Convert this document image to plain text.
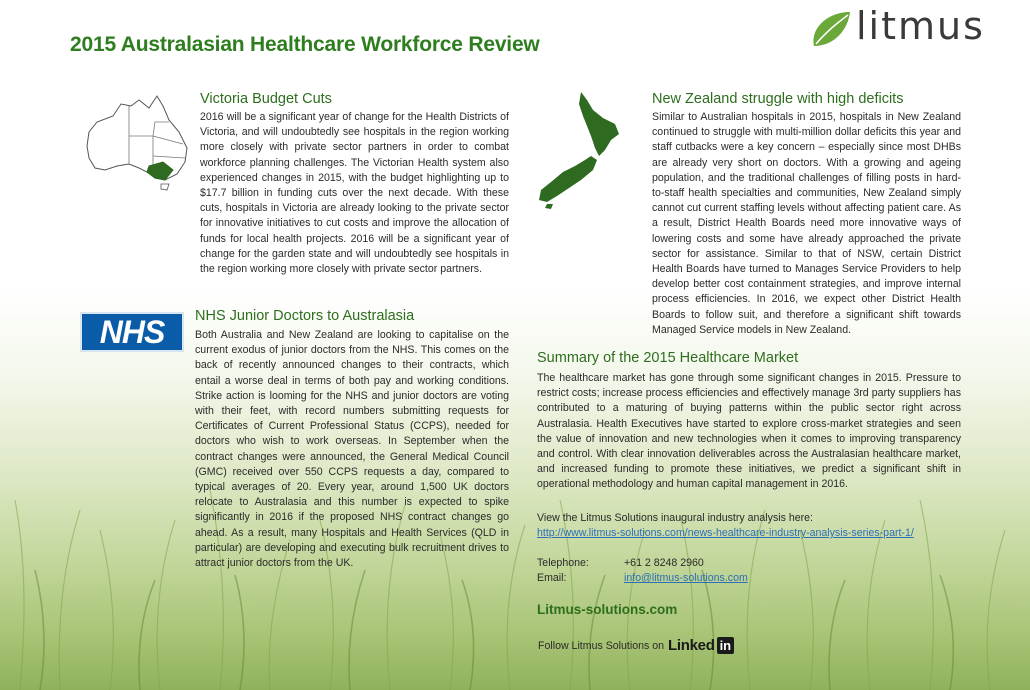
2015 Australasian Healthcare Workforce Review	litmus
Victoria Budget Cuts

2016 will be a significant year of change for the Health Districts of Victoria, and will undoubtedly see hospitals in the region working more closely with private sector partners in order to combat workforce planning challenges. The Victorian Health system also experienced changes in 2015, with the budget highlighting up to $17.7 billion in funding cuts over the next decade. With these cuts, hospitals in Victoria are already looking to the private sector for innovative initiatives to cut costs and improve the allocation of funds for local health projects. 2016 will be a significant year of change for the garden state and will undoubtedly see hospitals in the region working more closely with private sector partners.

NHS NHS Junior Doctors to Australasia

Both Australia and New Zealand are looking to capitalise on the current exodus of junior doctors from the NHS. This comes on the back of recently announced changes to their contracts, which entail a worse deal in terms of both pay and working conditions. Strike action is looming for the NHS and junior doctors are voting with their feet, with record numbers submitting requests for Certificates of Current Professional Status (CCPS), needed for doctors who wish to work overseas. In September when the contract changes were announced, the General Medical Council (GMC) received over 550 CCPS requests a day, compared to typical averages of 20. Every year, around 1,500 UK doctors relocate to Australasia and this number is expected to spike significantly in 2016 if the proposed NHS contract changes go ahead. As a result, many Hospitals and Health Services (QLD in particular) are developing and executing bulk recruitment drives to attract junior doctors from the UK.

New Zealand struggle with high deficits

Similar to Australian hospitals in 2015, hospitals in New Zealand continued to struggle with multi-million dollar deficits this year and staff cutbacks were a key concern – especially since most DHBs are already very short on doctors. With a growing and ageing population, and the traditional challenges of filling posts in hard-to-staff health specialties and communities, New Zealand simply cannot cut current staffing levels without affecting patient care. As a result, District Health Boards need more innovative ways of lowering costs and some have already approached the private sector for assistance. Similar to that of NSW, certain District Health Boards have turned to Manages Service Providers to help develop better cost containment strategies, and improve internal process efficiencies. In 2016, we expect other District Health Boards to follow suit, and therefore a significant shift towards Managed Service models in New Zealand.

Summary of the 2015 Healthcare Market

The healthcare market has gone through some significant changes in 2015. Pressure to restrict costs; increase process efficiencies and effectively manage 3rd party suppliers has contributed to a maturing of buying patterns within the public sector right across Australasia. Health Executives have started to explore cross-market strategies and seen the value of innovation and new technologies when it comes to improving transparency and control. With clear innovation deliverables across the Australasian healthcare market, and increased funding to promote these initiatives, we predict a significant shift in operational methodology and human capital management in 2016.

View the Litmus Solutions inaugural industry analysis here:

http://www.litmus-solutions.com/news-healthcare-industry-analysis-series-part-1/

Telephone:	+61 2 8248 2960

Email:	info@litmus-solutions.com

Litmus-solutions.com

Follow Litmus Solutions on Linked in
